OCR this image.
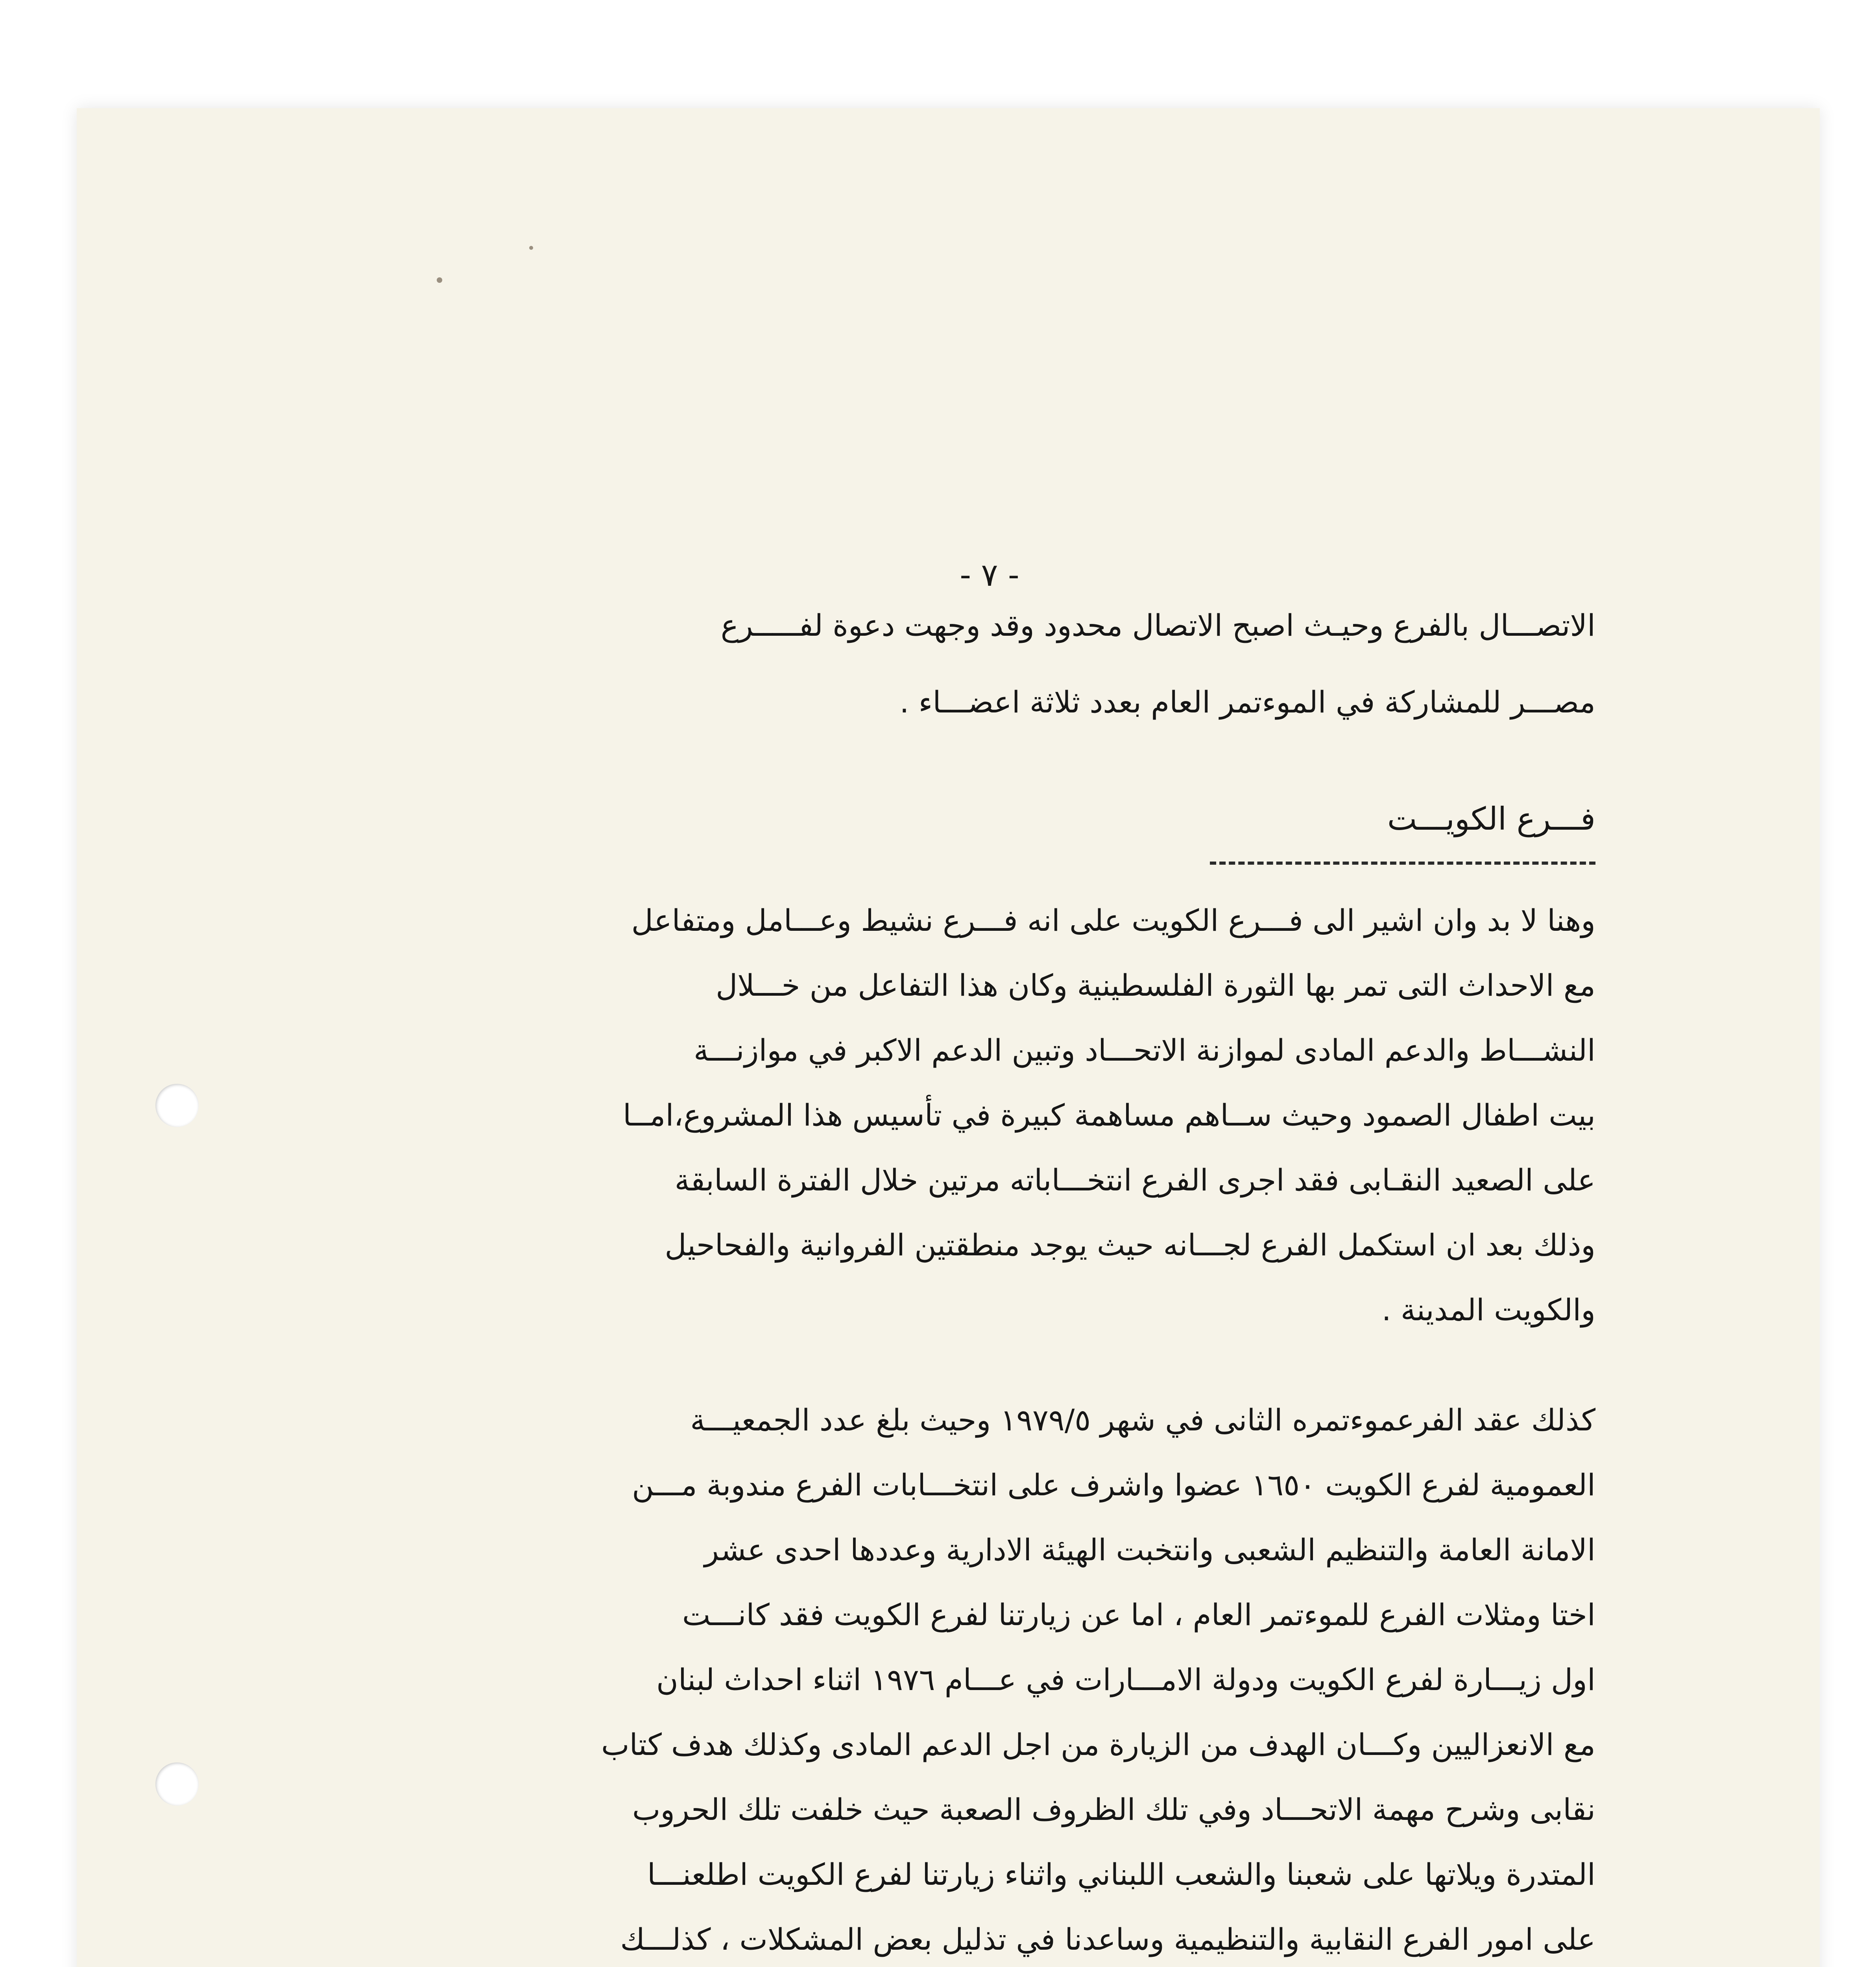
- ٧ -
الاتصـــال بالفرع وحيـث اصبح الاتصال محدود وقد وجهت دعوة لفـــــرع
مصـــر للمشاركة في الموءتمر العام بعدد ثلاثة اعضـــاء .
فـــرع الكويـــت
وهنا لا بد وان اشير الى فـــرع الكويت على انه فـــرع نشيط وعـــامل ومتفاعل
مع الاحداث التى تمر بها الثورة الفلسطينية وكان هذا التفاعل من خـــلال
النشـــاط والدعم المادى لموازنة الاتحـــاد وتبين الدعم الاكبر في موازنـــة
بيت اطفال الصمود وحيث ســاهم مساهمة كبيرة في تأسيس هذا المشروع،امــا
على الصعيد النقـابى فقد اجرى الفرع انتخـــاباته مرتين خلال الفترة السابقة
وذلك بعد ان استكمل الفرع لجـــانه حيث يوجد منطقتين الفروانية والفحاحيل
والكويت المدينة .
كذلك عقد الفرعموءتمره الثانى في شهر ١٩٧٩/٥ وحيث بلغ عدد الجمعيـــة
العمومية لفرع الكويت ١٦٥٠ عضوا واشرف على انتخـــابات الفرع مندوبة مـــن
الامانة العامة والتنظيم الشعبى وانتخبت الهيئة الادارية وعددها احدى عشر
اختا ومثلات الفرع للموءتمر العام ، اما عن زيارتنا لفرع الكويت فقد كانـــت
اول زيـــارة لفرع الكويت ودولة الامـــارات في عـــام ١٩٧٦ اثناء احداث لبنان
مع الانعزاليين وكـــان الهدف من الزيارة من اجل الدعم المادى وكذلك هدف كتاب
نقابى وشرح مهمة الاتحـــاد وفي تلك الظروف الصعبة حيث خلفت تلك الحروب
المتدرة ويلاتها على شعبنا والشعب اللبناني واثناء زيارتنا لفرع الكويت اطلعنـــا
على امور الفرع النقابية والتنظيمية وساعدنا في تذليل بعض المشكلات ، كذلـــك
